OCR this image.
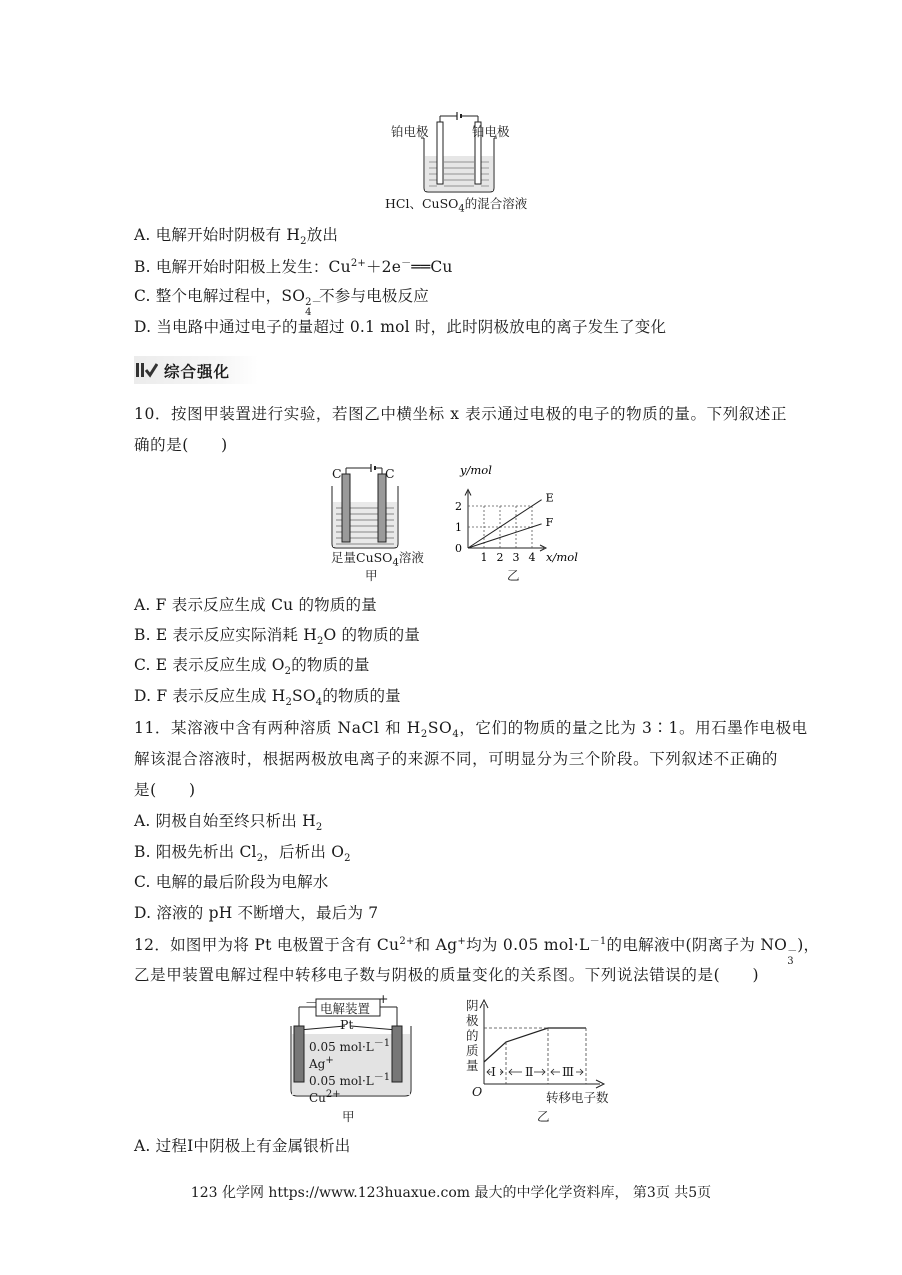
铂电极	铂电极
HCl、CuSO$_4$的混合溶液
A. 电解开始时阴极有 $H_2$放出
B. 电解开始时阳极上发生：$Cu^{2+}+2e^-══Cu$
C. 整个电解过程中，SO 2－
4
不参与电极反应
D. 当电路中通过电子的量超过 0.1 mol 时，此时阴极放电的离子发生了变化
综合强化
10．按图甲装置进行实验，若图乙中横坐标 x 表示通过电极的电子的物质的量。下列叙述正
确的是(　　)
C	C
足量CuSO$_4$溶液
甲
1 2 3 4
1
2
0
E
F
y/mol
x/mol
乙
A. F 表示反应生成 Cu 的物质的量
B. E 表示反应实际消耗 $H_2O$ 的物质的量
C. E 表示反应生成 $O_2$的物质的量
D. F 表示反应生成 $H_2SO_4$的物质的量
11．某溶液中含有两种溶质 NaCl 和 $H_2SO_4$，它们的物质的量之比为 3∶1。用石墨作电极电
解该混合溶液时，根据两极放电离子的来源不同，可明显分为三个阶段。下列叙述不正确的
是(　　)
A. 阴极自始至终只析出 $H_2$
B. 阳极先析出 $Cl_2$，后析出 $O_2$
C. 电解的最后阶段为电解水
D. 溶液的 pH 不断增大，最后为 7
12．如图甲为将 Pt 电极置于含有 $Cu^{2+}$和 Ag+均为 0.05 $mol\cdot L^{-1}$的电解液中(阴离子为 NO －
3
)，
乙是甲装置电解过程中转移电子数与阴极的质量变化的关系图。下列说法错误的是(　　)
－	+
电解装置
Pt
0.05 $mol\cdot L^{-1}$
Ag+
0.05 $mol\cdot L^{-1}$
$Cu^{2+}$
甲
阴
极
的
质
量 Ⅰ Ⅱ Ⅲ
O	转移电子数
乙
A. 过程Ⅰ中阴极上有金属银析出
123 化学网 https://www.123huaxue.com 最大的中学化学资料库， 第3页 共5页
